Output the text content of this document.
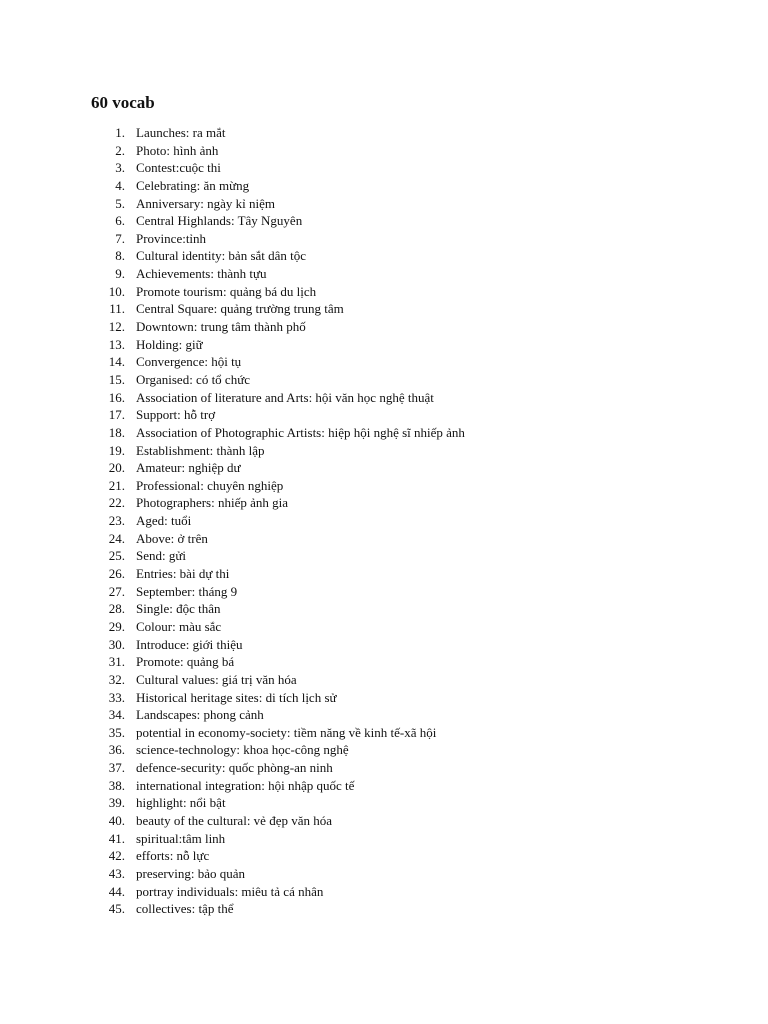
60 vocab
1. Launches: ra mắt
2. Photo: hình ảnh
3. Contest:cuộc thi
4. Celebrating: ăn mừng
5. Anniversary: ngày kỉ niệm
6. Central Highlands: Tây Nguyên
7. Province:tỉnh
8. Cultural identity: bản sắt dân tộc
9. Achievements: thành tựu
10. Promote tourism: quảng bá du lịch
11. Central Square: quảng trường trung tâm
12. Downtown: trung tâm thành phố
13. Holding: giữ
14. Convergence: hội tụ
15. Organised: có tổ chức
16. Association of literature and Arts: hội văn học nghệ thuật
17. Support: hỗ trợ
18. Association of Photographic Artists: hiệp hội nghệ sĩ nhiếp ảnh
19. Establishment: thành lập
20. Amateur: nghiệp dư
21. Professional: chuyên nghiệp
22. Photographers: nhiếp ảnh gia
23. Aged: tuổi
24. Above: ở trên
25. Send: gửi
26. Entries: bài dự thi
27. September: tháng 9
28. Single: độc thân
29. Colour: màu sắc
30. Introduce: giới thiệu
31. Promote: quảng bá
32. Cultural values: giá trị văn hóa
33. Historical heritage sites: di tích lịch sử
34. Landscapes: phong cảnh
35. potential in economy-society: tiềm năng về kinh tế-xã hội
36. science-technology: khoa học-công nghệ
37. defence-security: quốc phòng-an ninh
38. international integration: hội nhập quốc tế
39. highlight: nổi bật
40. beauty of the cultural: vẻ đẹp văn hóa
41. spiritual:tâm linh
42. efforts: nỗ lực
43. preserving: bảo quản
44. portray individuals: miêu tả cá nhân
45. collectives: tập thể
